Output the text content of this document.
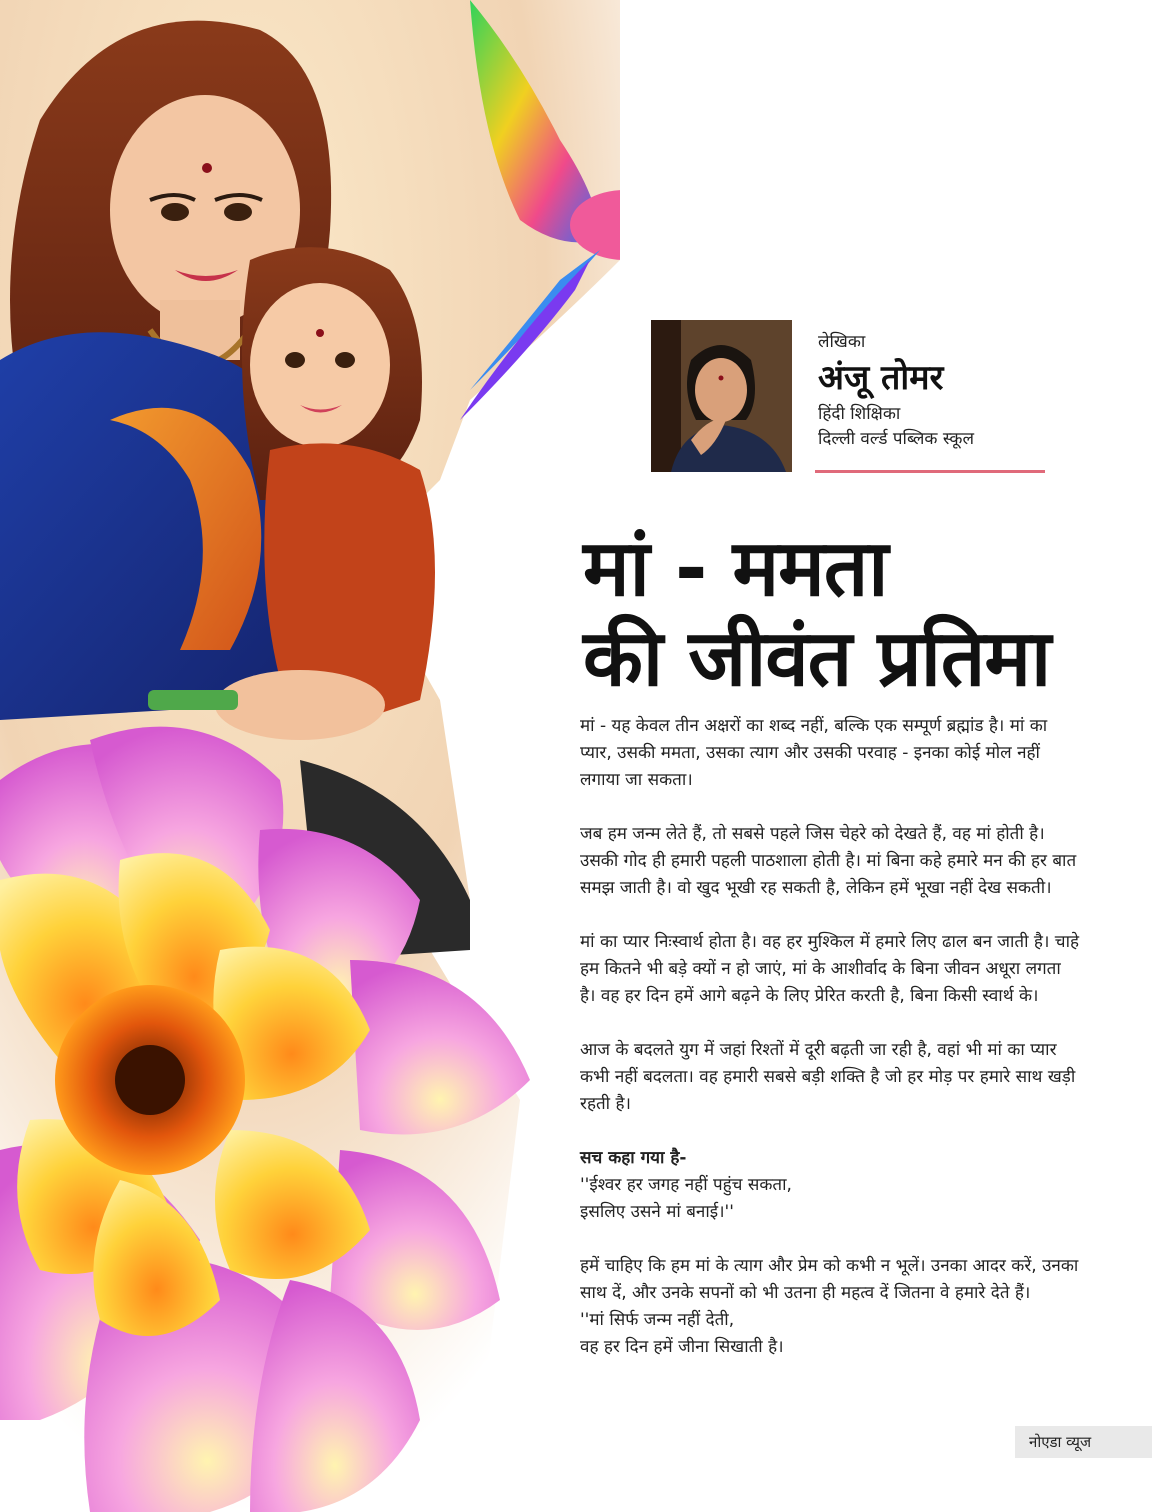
लेखिका
अंजू तोमर
हिंदी शिक्षिका
दिल्ली वर्ल्ड पब्लिक स्कूल
मां - ममता
की जीवंत प्रतिमा

मां - यह केवल तीन अक्षरों का शब्द नहीं, बल्कि एक सम्पूर्ण ब्रह्मांड है। मां का प्यार, उसकी ममता, उसका त्याग और उसकी परवाह - इनका कोई मोल नहीं लगाया जा सकता।

जब हम जन्म लेते हैं, तो सबसे पहले जिस चेहरे को देखते हैं, वह मां होती है। उसकी गोद ही हमारी पहली पाठशाला होती है। मां बिना कहे हमारे मन की हर बात समझ जाती है। वो खुद भूखी रह सकती है, लेकिन हमें भूखा नहीं देख सकती।

मां का प्यार निःस्वार्थ होता है। वह हर मुश्किल में हमारे लिए ढाल बन जाती है। चाहे हम कितने भी बड़े क्यों न हो जाएं, मां के आशीर्वाद के बिना जीवन अधूरा लगता है। वह हर दिन हमें आगे बढ़ने के लिए प्रेरित करती है, बिना किसी स्वार्थ के।

आज के बदलते युग में जहां रिश्तों में दूरी बढ़ती जा रही है, वहां भी मां का प्यार कभी नहीं बदलता। वह हमारी सबसे बड़ी शक्ति है जो हर मोड़ पर हमारे साथ खड़ी रहती है।

सच कहा गया है-
''ईश्वर हर जगह नहीं पहुंच सकता,
इसलिए उसने मां बनाई।''

हमें चाहिए कि हम मां के त्याग और प्रेम को कभी न भूलें। उनका आदर करें, उनका साथ दें, और उनके सपनों को भी उतना ही महत्व दें जितना वे हमारे देते हैं।

''मां सिर्फ जन्म नहीं देती,
वह हर दिन हमें जीना सिखाती है।
नोएडा व्यूज
